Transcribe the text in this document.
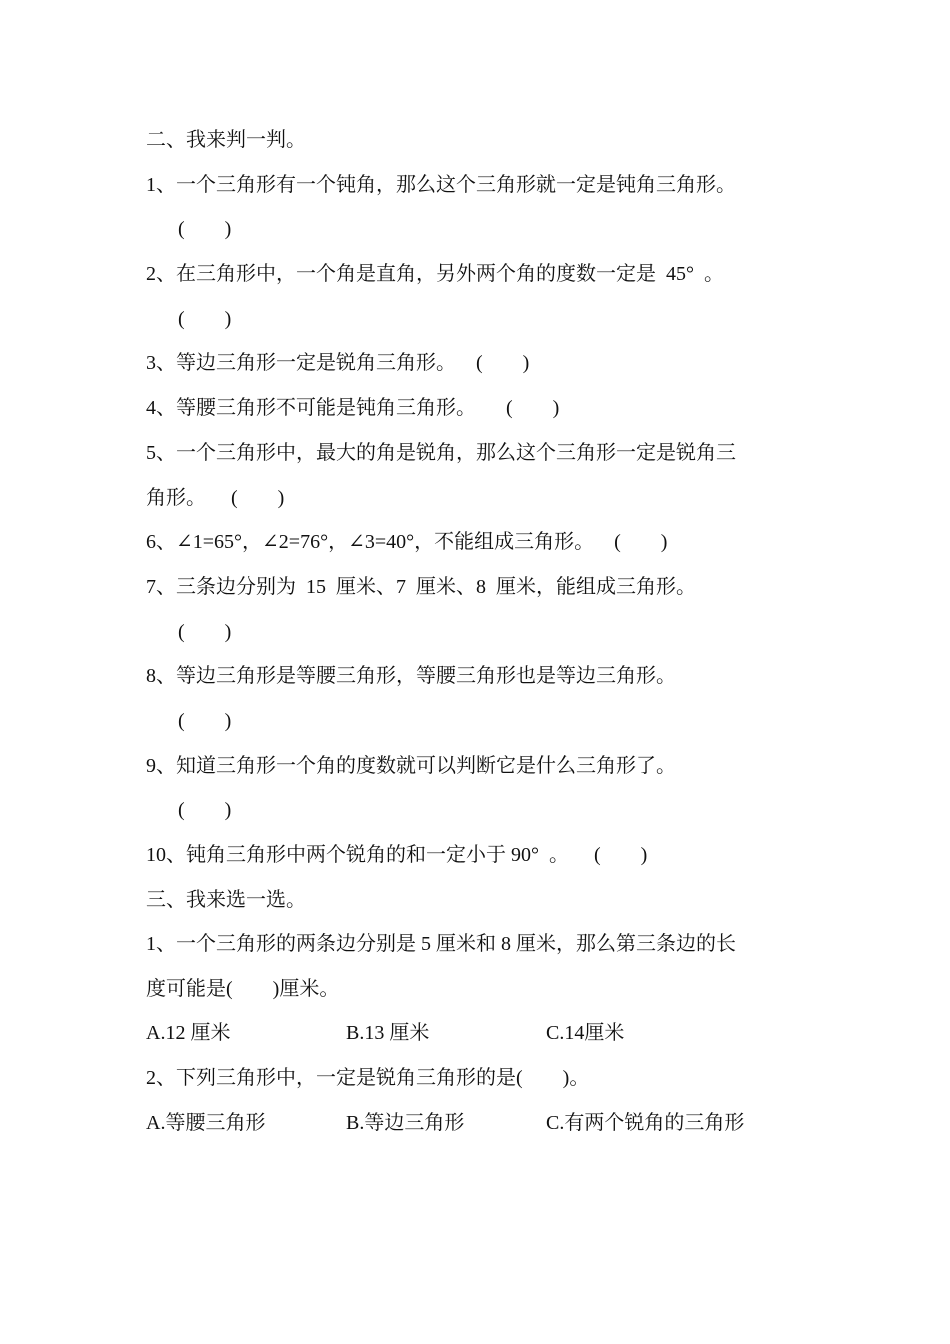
二、我来判一判。
1、一个三角形有一个钝角，那么这个三角形就一定是钝角三角形。
(        )
2、在三角形中，一个角是直角，另外两个角的度数一定是  45°  。
(        )
3、等边三角形一定是锐角三角形。    (        )
4、等腰三角形不可能是钝角三角形。      (        )
5、一个三角形中，最大的角是锐角，那么这个三角形一定是锐角三
角形。     (        )
6、∠1=65°，∠2=76°，∠3=40°，不能组成三角形。    (        )
7、三条边分别为  15  厘米、7  厘米、8  厘米，能组成三角形。
(        )
8、等边三角形是等腰三角形，等腰三角形也是等边三角形。
(        )
9、知道三角形一个角的度数就可以判断它是什么三角形了。
(        )
10、钝角三角形中两个锐角的和一定小于 90°  。     (        )
三、我来选一选。
1、一个三角形的两条边分别是 5 厘米和 8 厘米，那么第三条边的长
度可能是(        )厘米。
A.12 厘米	B.13 厘米	C.14厘米
2、下列三角形中，一定是锐角三角形的是(        )。
A.等腰三角形	B.等边三角形	C.有两个锐角的三角形
